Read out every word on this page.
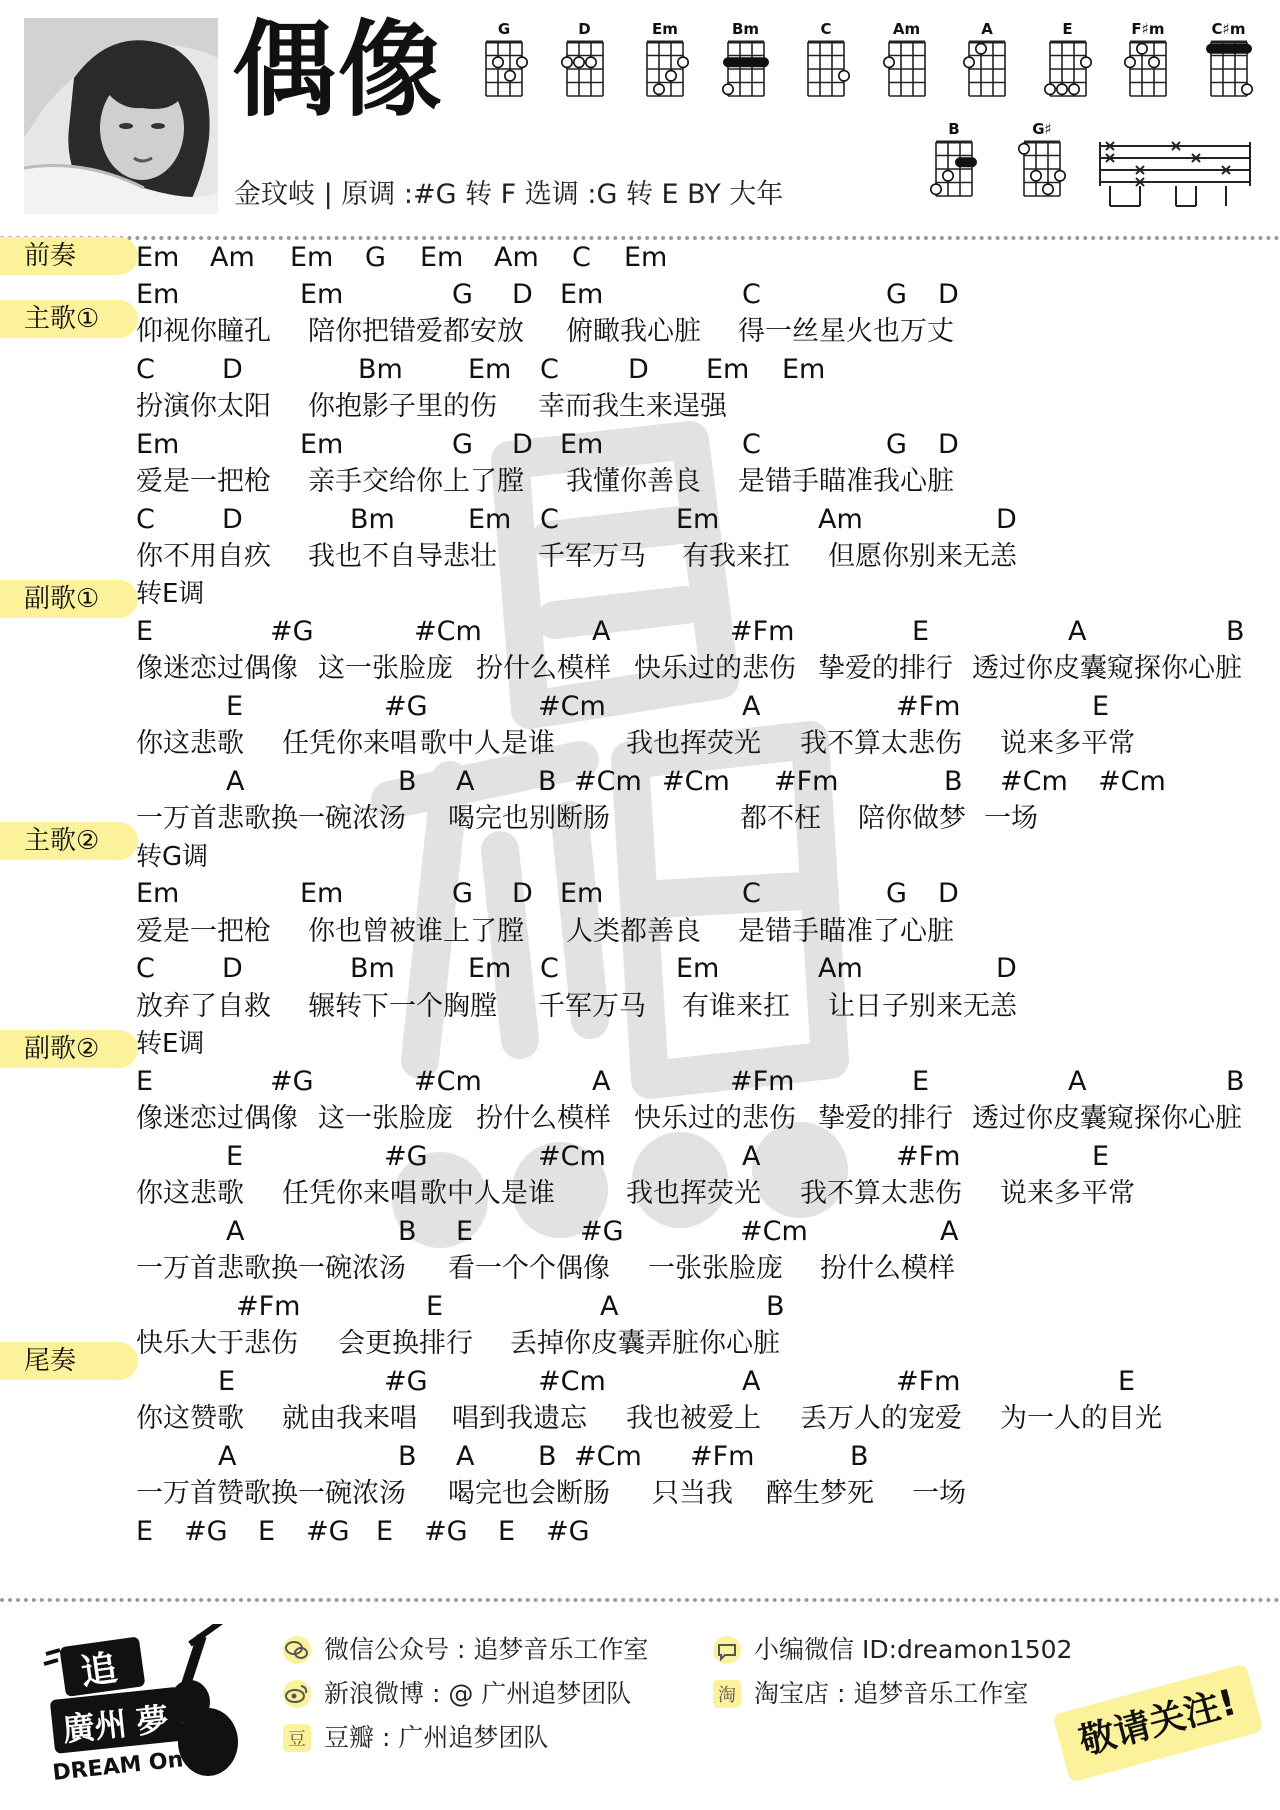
偶像
金玟岐 | 原调 :#G 转 F 选调 :G 转 E BY 大年
G	D	Em	Bm	C	Am	A	E	F♯m	C♯m
B	G♯
前奏
主歌①
副歌①
主歌②
副歌②
尾奏
Em Am Em G Em Am C Em
Em	Em	G D Em	C	G D
仰视你瞳孔 陪你把错爱都安放 俯瞰我心脏 得一丝星火也万丈
C D	Bm Em C	D Em Em
扮演你太阳 你抱影子里的伤 幸而我生来逞强
Em	Em	G D Em	C	G D
爱是一把枪 亲手交给你上了膛 我懂你善良 是错手瞄准我心脏
C D	Bm	Em C	Em	Am	D
你不用自疚 我也不自导悲壮 千军万马 有我来扛 但愿你别来无恙
转E调
E	#G	#Cm	A	#Fm	E	A	B
像迷恋过偶像 这一张脸庞 扮什么模样 快乐过的悲伤 挚爱的排行 透过你皮囊窥探你心脏
E	#G	#Cm	A	#Fm	E
你这悲歌 任凭你来唱 歌中人是谁	我也挥荧光 我不算太悲伤 说来多平常
A	B A B #Cm #Cm #Fm	B #Cm #Cm
一万首悲歌换一碗浓汤 喝完也别断肠	都不枉 陪你做梦 一场
转G调
Em	Em	G D Em	C	G D
爱是一把枪 你也曾被谁上了膛 人类都善良 是错手瞄准了心脏
C D	Bm	Em C	Em	Am	D
放弃了自救 辗转下一个胸膛 千军万马 有谁来扛 让日子别来无恙
转E调
E	#G	#Cm	A	#Fm	E	A	B
像迷恋过偶像 这一张脸庞 扮什么模样 快乐过的悲伤 挚爱的排行 透过你皮囊窥探你心脏
E	#G	#Cm	A	#Fm	E
你这悲歌 任凭你来唱 歌中人是谁	我也挥荧光 我不算太悲伤 说来多平常
A	B E	#G	#Cm	A
一万首悲歌换一碗浓汤 看一个个偶像 一张张脸庞 扮什么模样
#Fm	E	A	B
快乐大于悲伤 会更换排行 丢掉你皮囊弄脏你心脏
E	#G	#Cm	A	#Fm	E
你这赞歌 就由我来唱 唱到我遗忘 我也被爱上 丢万人的宠爱 为一人的目光
A	B A B #Cm #Fm	B
一万首赞歌换一碗浓汤 喝完也会断肠 只当我 醉生梦死 一场
E #G E #G E #G E #G
追
廣州 夢
DREAM On
微信公众号 : 追梦音乐工作室
新浪微博 : @ 广州追梦团队
豆 豆瓣 : 广州追梦团队
小编微信 ID:dreamon1502
淘 淘宝店 : 追梦音乐工作室	敬请关注!
